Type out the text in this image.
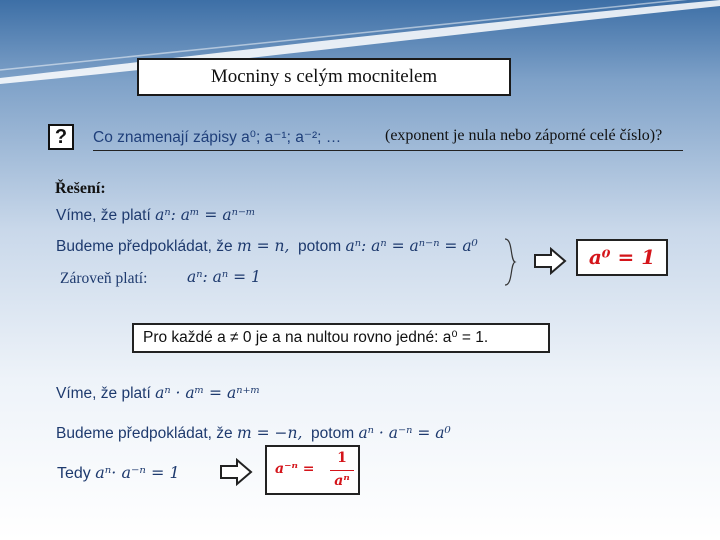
Mocniny s celým mocnitelem
?	Co znamenají zápisy a⁰; a⁻¹; a⁻²; …	(exponent je nula nebo záporné celé číslo)?
Řešení:
Víme, že platí aⁿ: aᵐ = aⁿ⁻ᵐ
Budeme předpokládat, že m = n, potom aⁿ: aⁿ = aⁿ⁻ⁿ = a⁰
Zároveň platí:	aⁿ: aⁿ = 1
a⁰ = 1
Pro každé a ≠ 0 je a na nultou rovno jedné: a⁰ = 1.
Víme, že platí aⁿ · aᵐ = aⁿ⁺ᵐ
Budeme předpokládat, že m = −n, potom aⁿ · a⁻ⁿ = a⁰
Tedy aⁿ· a⁻ⁿ = 1	a⁻ⁿ =
1
aⁿ
